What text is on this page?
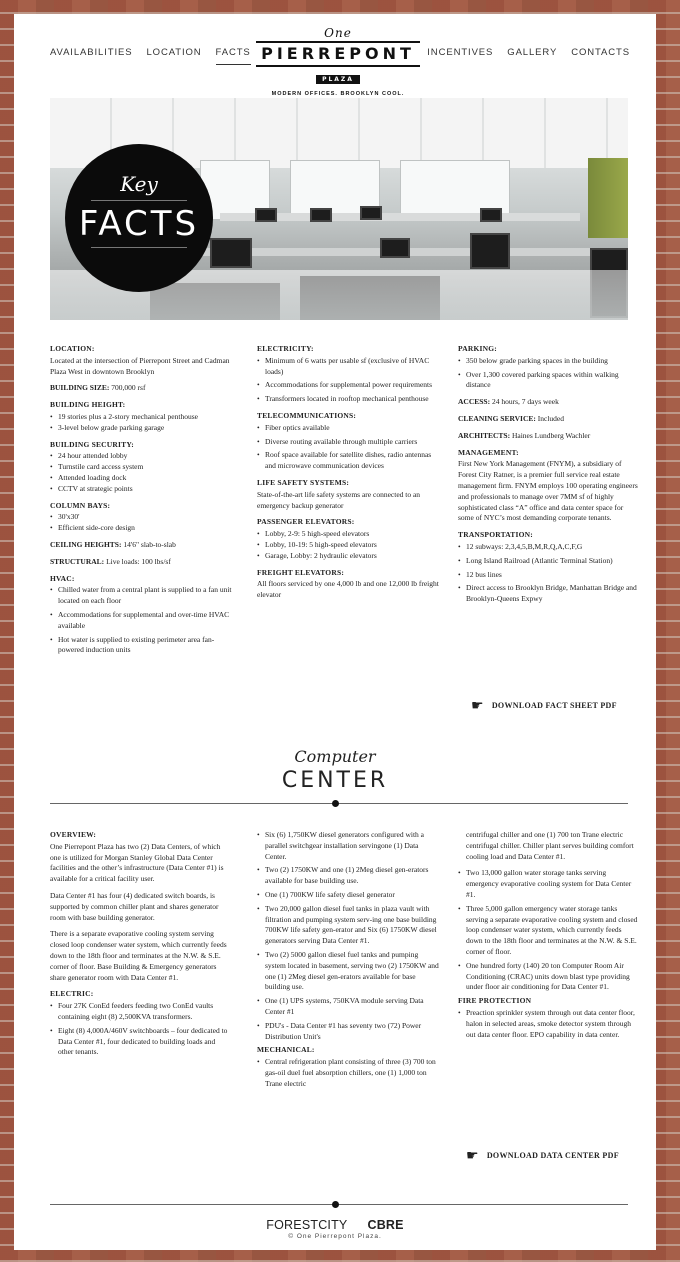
AVAILABILITIES LOCATION FACTS
One
PIERREPONT
PLAZA
MODERN OFFICES. BROOKLYN COOL.
INCENTIVES GALLERY CONTACTS
Key
FACTS
LOCATION:
Located at the intersection of Pierrepont Street and Cadman Plaza West in downtown Brooklyn
BUILDING SIZE: 700,000 rsf
BUILDING HEIGHT:
• 19 stories plus a 2-story mechanical penthouse
• 3-level below grade parking garage
BUILDING SECURITY:
• 24 hour attended lobby
• Turnstile card access system
• Attended loading dock
• CCTV at strategic points
COLUMN BAYS:
• 30'x30'
• Efficient side-core design
CEILING HEIGHTS: 14'6" slab-to-slab
STRUCTURAL: Live loads: 100 lbs/sf
HVAC:
• Chilled water from a central plant is supplied to a fan unit located on each floor
• Accommodations for supplemental and over-time HVAC available
• Hot water is supplied to existing perimeter area fan-powered induction units
ELECTRICITY:
• Minimum of 6 watts per usable sf (exclusive of HVAC loads)
• Accommodations for supplemental power requirements
• Transformers located in rooftop mechanical penthouse
TELECOMMUNICATIONS:
• Fiber optics available
• Diverse routing available through multiple carriers
• Roof space available for satellite dishes, radio antennas and microwave communication devices
LIFE SAFETY SYSTEMS:
State-of-the-art life safety systems are connected to an emergency backup generator
PASSENGER ELEVATORS:
• Lobby, 2-9: 5 high-speed elevators
• Lobby, 10-19: 5 high-speed elevators
• Garage, Lobby: 2 hydraulic elevators
FREIGHT ELEVATORS:
All floors serviced by one 4,000 lb and one 12,000 lb freight elevator
PARKING:
• 350 below grade parking spaces in the building
• Over 1,300 covered parking spaces within walking distance
ACCESS: 24 hours, 7 days week
CLEANING SERVICE: Included
ARCHITECTS: Haines Lundberg Wachler
MANAGEMENT:
First New York Management (FNYM), a subsidiary of Forest City Ratner, is a premier full service real estate management firm. FNYM employs 100 operating engineers and professionals to manage over 7MM sf of highly sophisticated class “A” office and data center space for some of NYC’s most demanding corporate tenants.
TRANSPORTATION:
• 12 subways: 2,3,4,5,B,M,R,Q,A,C,F,G
• Long Island Railroad (Atlantic Terminal Station)
• 12 bus lines
• Direct access to Brooklyn Bridge, Manhattan Bridge and Brooklyn-Queens Expwy
☛ DOWNLOAD FACT SHEET PDF
Computer
CENTER
OVERVIEW:
One Pierrepont Plaza has two (2) Data Centers, of which one is utilized for Morgan Stanley Global Data Center facilities and the other’s infrastructure (Data Center #1) is available for a critical facility user.
Data Center #1 has four (4) dedicated switch boards, is supported by common chiller plant and shares generator room with base building generator.
There is a separate evaporative cooling system serving closed loop condenser water system, which currently feeds down to the 18th floor and terminates at the N.W. & S.E. corner of floor. Base Building & Emergency generators share generator room with Data Center #1.
ELECTRIC:
• Four 27K ConEd feeders feeding two ConEd vaults containing eight (8) 2,500KVA transformers.
• Eight (8) 4,000A/460V switchboards – four dedicated to Data Center #1, four dedicated to building loads and other tenants.
• Six (6) 1,750KW diesel generators configured with a parallel switchgear installation servingone (1) Data Center.
• Two (2) 1750KW and one (1) 2Meg diesel gen-erators available for base building use.
• One (1) 700KW life safety diesel generator
• Two 20,000 gallon diesel fuel tanks in plaza vault with filtration and pumping system serv-ing one base building 700KW life safety gen-erator and Six (6) 1750KW diesel generators serving Data Center #1.
• Two (2) 5000 gallon diesel fuel tanks and pumping system located in basement, serving two (2) 1750KW and one (1) 2Meg diesel gen-erators available for base building use.
• One (1) UPS systems, 750KVA module serving Data Center #1
• PDU's - Data Center #1 has seventy two (72) Power Distribution Unit's
MECHANICAL:
• Central refrigeration plant consisting of three (3) 700 ton gas-oil duel fuel absorption chillers, one (1) 1,000 ton Trane electric
centrifugal chiller and one (1) 700 ton Trane electric centrifugal chiller. Chiller plant serves building comfort cooling load and Data Center #1.
• Two 13,000 gallon water storage tanks serving emergency evaporative cooling system for Data Center #1.
• Three 5,000 gallon emergency water storage tanks serving a separate evaporative cooling system and closed loop condenser water system, which currently feeds down to the 18th floor and terminates at the N.W. & S.E. corner of floor.
• One hundred forty (140) 20 ton Computer Room Air Conditioning (CRAC) units down blast type providing under floor air conditioning for Data Center #1.
FIRE PROTECTION
• Preaction sprinkler system through out data center floor, halon in selected areas, smoke detector system through out data center floor. EPO capability in data center.
☛ DOWNLOAD DATA CENTER PDF
FORESTCITY CBRE
© One Pierrepont Plaza.
